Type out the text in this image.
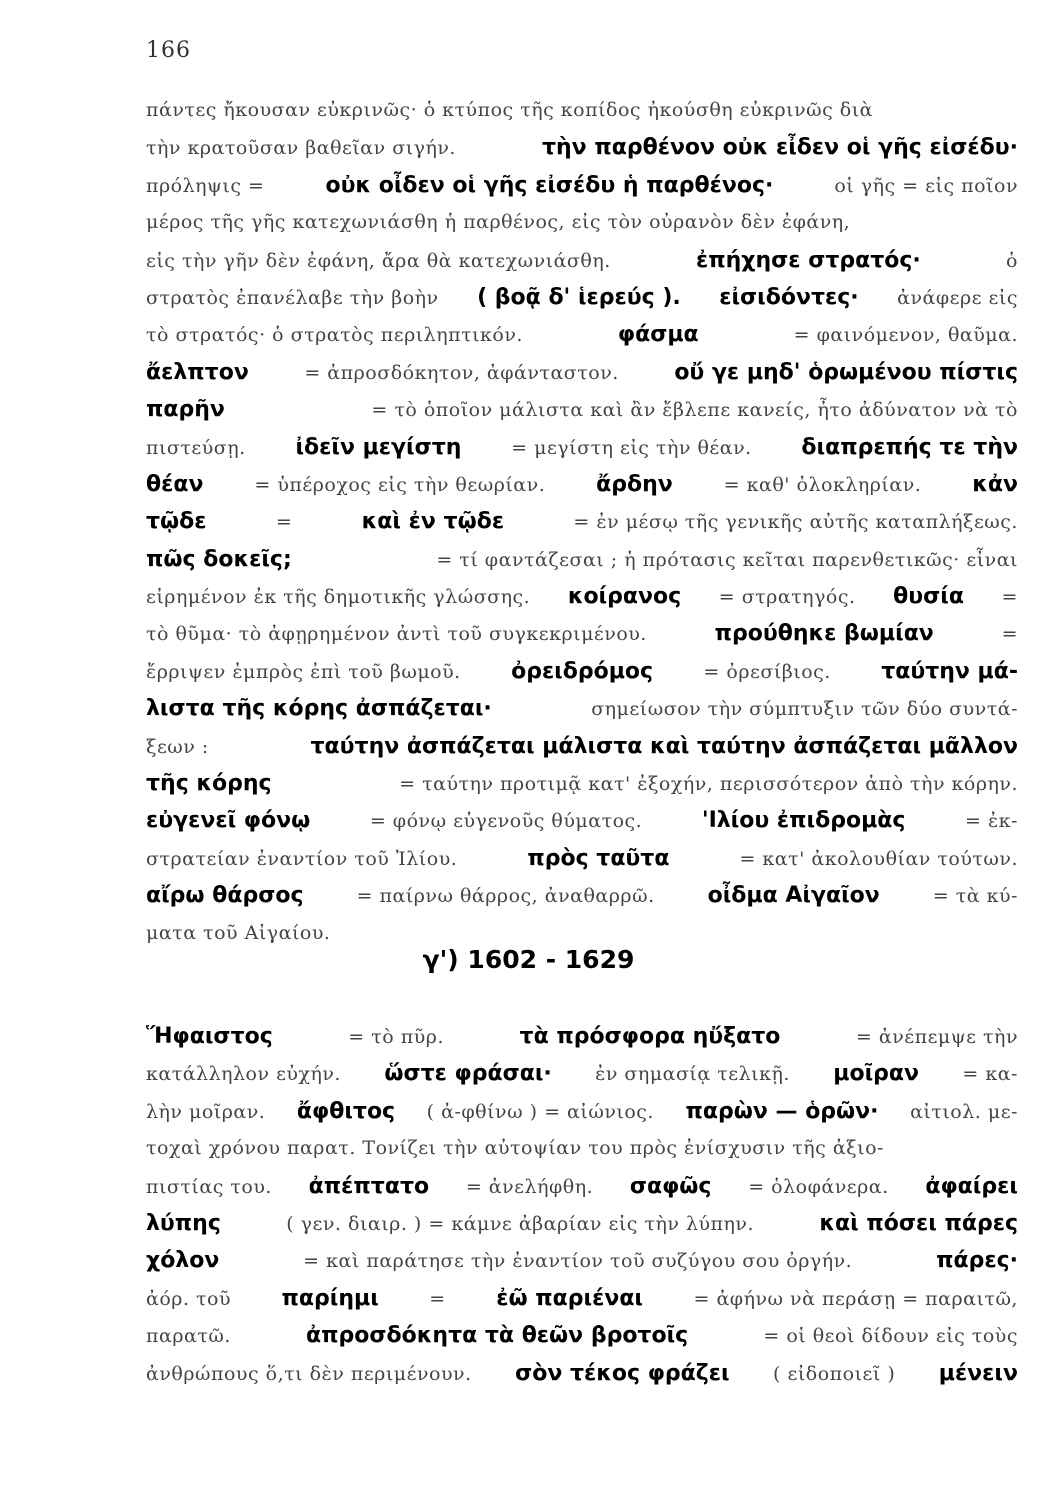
166
πάντες ἤκουσαν εὐκρινῶς· ὁ κτύπος τῆς κοπίδος ἠκούσθη εὐκρινῶς διὰ
τὴν κρατοῦσαν βαθεῖαν σιγήν.	τὴν παρθένον οὐκ εἶδεν οἱ γῆς εἰσέδυ·
πρόληψις =	οὐκ οἶδεν οἱ γῆς εἰσέδυ ἡ παρθένος·	οἱ γῆς = εἰς ποῖον
μέρος τῆς γῆς κατεχωνιάσθη ἡ παρθένος, εἰς τὸν οὐρανὸν δὲν ἐφάνη,
εἰς τὴν γῆν δὲν ἐφάνη, ἄρα θὰ κατεχωνιάσθη.	ἐπήχησε στρατός·	ὁ
στρατὸς ἐπανέλαβε τὴν βοὴν ( βοᾷ δ' ἱερεύς ). εἰσιδόντες· ἀνάφερε εἰς
τὸ στρατός· ὁ στρατὸς περιληπτικόν.	φάσμα	= φαινόμενον, θαῦμα.
ἄελπτον	= ἀπροσδόκητον, ἀφάνταστον.	οὔ γε μηδ' ὁρωμένου πίστις
παρῆν	= τὸ ὁποῖον μάλιστα καὶ ἂν ἔβλεπε κανείς, ἦτο ἀδύνατον νὰ τὸ
πιστεύσῃ. ἰδεῖν μεγίστη	= μεγίστη εἰς τὴν θέαν. διαπρεπής τε τὴν
θέαν	= ὑπέροχος εἰς τὴν θεωρίαν. ἄρδην	= καθ' ὁλοκληρίαν. κἀν
τῷδε	=	καὶ ἐν τῷδε	= ἐν μέσῳ τῆς γενικῆς αὐτῆς καταπλήξεως.
πῶς δοκεῖς;	= τί φαντάζεσαι ; ἡ πρότασις κεῖται παρενθετικῶς· εἶναι
εἰρημένον ἐκ τῆς δημοτικῆς γλώσσης. κοίρανος = στρατηγός. θυσία =
τὸ θῦμα· τὸ ἀφῃρημένον ἀντὶ τοῦ συγκεκριμένου.	προύθηκε βωμίαν	=
ἔρριψεν ἐμπρὸς ἐπὶ τοῦ βωμοῦ. ὀρειδρόμος	= ὀρεσίβιος. ταύτην μά-
λιστα τῆς κόρης ἀσπάζεται·	σημείωσον τὴν σύμπτυξιν τῶν δύο συντά-
ξεων :	ταύτην ἀσπάζεται μάλιστα καὶ ταύτην ἀσπάζεται μᾶλλον
τῆς κόρης	= ταύτην προτιμᾷ κατ' ἐξοχήν, περισσότερον ἀπὸ τὴν κόρην.
εὐγενεῖ φόνῳ	= φόνῳ εὐγενοῦς θύματος.	'Ιλίου ἐπιδρομὰς	= ἐκ-
στρατείαν ἐναντίον τοῦ Ἰλίου.	πρὸς ταῦτα	= κατ' ἀκολουθίαν τούτων.
αἴρω θάρσος	= παίρνω θάρρος, ἀναθαρρῶ. οἶδμα Αἰγαῖον	= τὰ κύ-
ματα τοῦ Αἰγαίου.
γ') 1602 - 1629
Ἥφαιστος	= τὸ πῦρ.	τὰ πρόσφορα ηὔξατο	= ἀνέπεμψε τὴν
κατάλληλον εὐχήν. ὥστε φράσαι· ἐν σημασίᾳ τελικῇ. μοῖραν = κα-
λὴν μοῖραν. ἄφθιτος ( ἀ-φθίνω ) = αἰώνιος. παρὼν — ὁρῶν· αἰτιολ. με-
τοχαὶ χρόνου παρατ. Τονίζει τὴν αὐτοψίαν του πρὸς ἐνίσχυσιν τῆς ἀξιο-
πιστίας του. ἀπέπτατο = ἀνελήφθη. σαφῶς = ὁλοφάνερα. ἀφαίρει
λύπης	( γεν. διαιρ. ) = κάμνε ἀβαρίαν εἰς τὴν λύπην.	καὶ πόσει πάρες
χόλον	= καὶ παράτησε τὴν ἐναντίον τοῦ συζύγου σου ὀργήν.	πάρες·
ἀόρ. τοῦ παρίημι	= ἐῶ παριέναι	= ἀφήνω νὰ περάσῃ = παραιτῶ,
παρατῶ.	ἀπροσδόκητα τὰ θεῶν βροτοῖς	= οἱ θεοὶ δίδουν εἰς τοὺς
ἀνθρώπους ὅ,τι δὲν περιμένουν. σὸν τέκος φράζει ( εἰδοποιεῖ ) μένειν
